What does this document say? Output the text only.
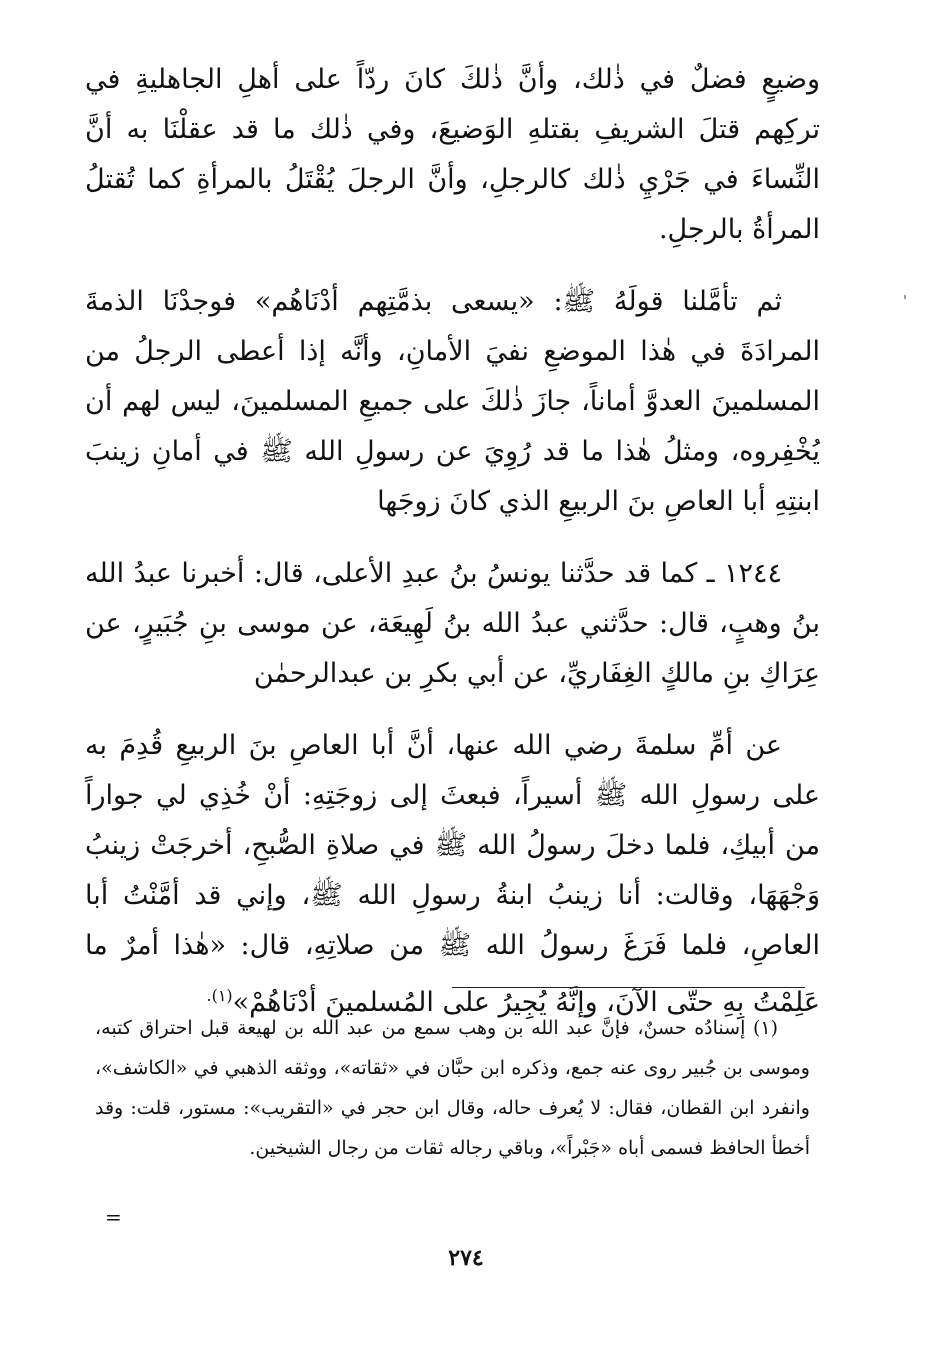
وضيعٍ فضلٌ في ذٰلك، وأنَّ ذٰلكَ كانَ ردّاً على أهلِ الجاهليةِ في تركِهم قتلَ الشريفِ بقتلهِ الوَضيعَ، وفي ذٰلك ما قد عقلْنَا به أنَّ النِّساءَ في جَرْيِ ذٰلك كالرجلِ، وأنَّ الرجلَ يُقْتَلُ بالمرأةِ كما تُقتلُ المرأةُ بالرجلِ.

ثم تأمَّلنا قولَهُ ﷺ: «يسعى بذمَّتِهم أدْنَاهُم» فوجدْنَا الذمةَ المرادَةَ في هٰذا الموضعِ نفيَ الأمانِ، وأنَّه إذا أعطى الرجلُ من المسلمينَ العدوَّ أماناً، جازَ ذٰلكَ على جميعِ المسلمينَ، ليس لهم أن يُخْفِروه، ومثلُ هٰذا ما قد رُوِيَ عن رسولِ الله ﷺ في أمانِ زينبَ ابنتِهِ أبا العاصِ بنَ الربيعِ الذي كانَ زوجَها

١٢٤٤ ـ كما قد حدَّثنا يونسُ بنُ عبدِ الأعلى، قال: أخبرنا عبدُ الله بنُ وهبٍ، قال: حدَّثني عبدُ الله بنُ لَهِيعَة، عن موسى بنِ جُبَيرٍ، عن عِرَاكِ بنِ مالكٍ الغِفَاريِّ، عن أبي بكرِ بن عبدالرحمٰن

عن أمِّ سلمةَ رضي الله عنها، أنَّ أبا العاصِ بنَ الربيعِ قُدِمَ به على رسولِ الله ﷺ أسيراً، فبعثَ إلى زوجَتِهِ: أنْ خُذِي لي جواراً من أبيكِ، فلما دخلَ رسولُ الله ﷺ في صلاةِ الصُّبحِ، أخرجَتْ زينبُ وَجْهَهَا، وقالت: أنا زينبُ ابنةُ رسولِ الله ﷺ، وإني قد أمَّنْتُ أبا العاصِ، فلما فَرَغَ رسولُ الله ﷺ من صلاتِهِ، قال: «هٰذا أمرٌ ما عَلِمْتُ بِهِ حتّى الآنَ، وإنَّهُ يُجِيرُ على المُسلمينَ أدْنَاهُمْ»$^{(١).}$

(١) إسنادُه حسنٌ، فإنَّ عبد الله بن وهب سمع من عبد الله بن لهيعة قبل احتراق كتبه، وموسى بن جُبير روى عنه جمع، وذكره ابن حبَّان في «ثقاته»، ووثقه الذهبي في «الكاشف»، وانفرد ابن القطان، فقال: لا يُعرف حاله، وقال ابن حجر في «التقريب»: مستور، قلت: وقد أخطأ الحافظ فسمى أباه «جَبْراً»، وباقي رجاله ثقات من رجال الشيخين.

=
٢٧٤
